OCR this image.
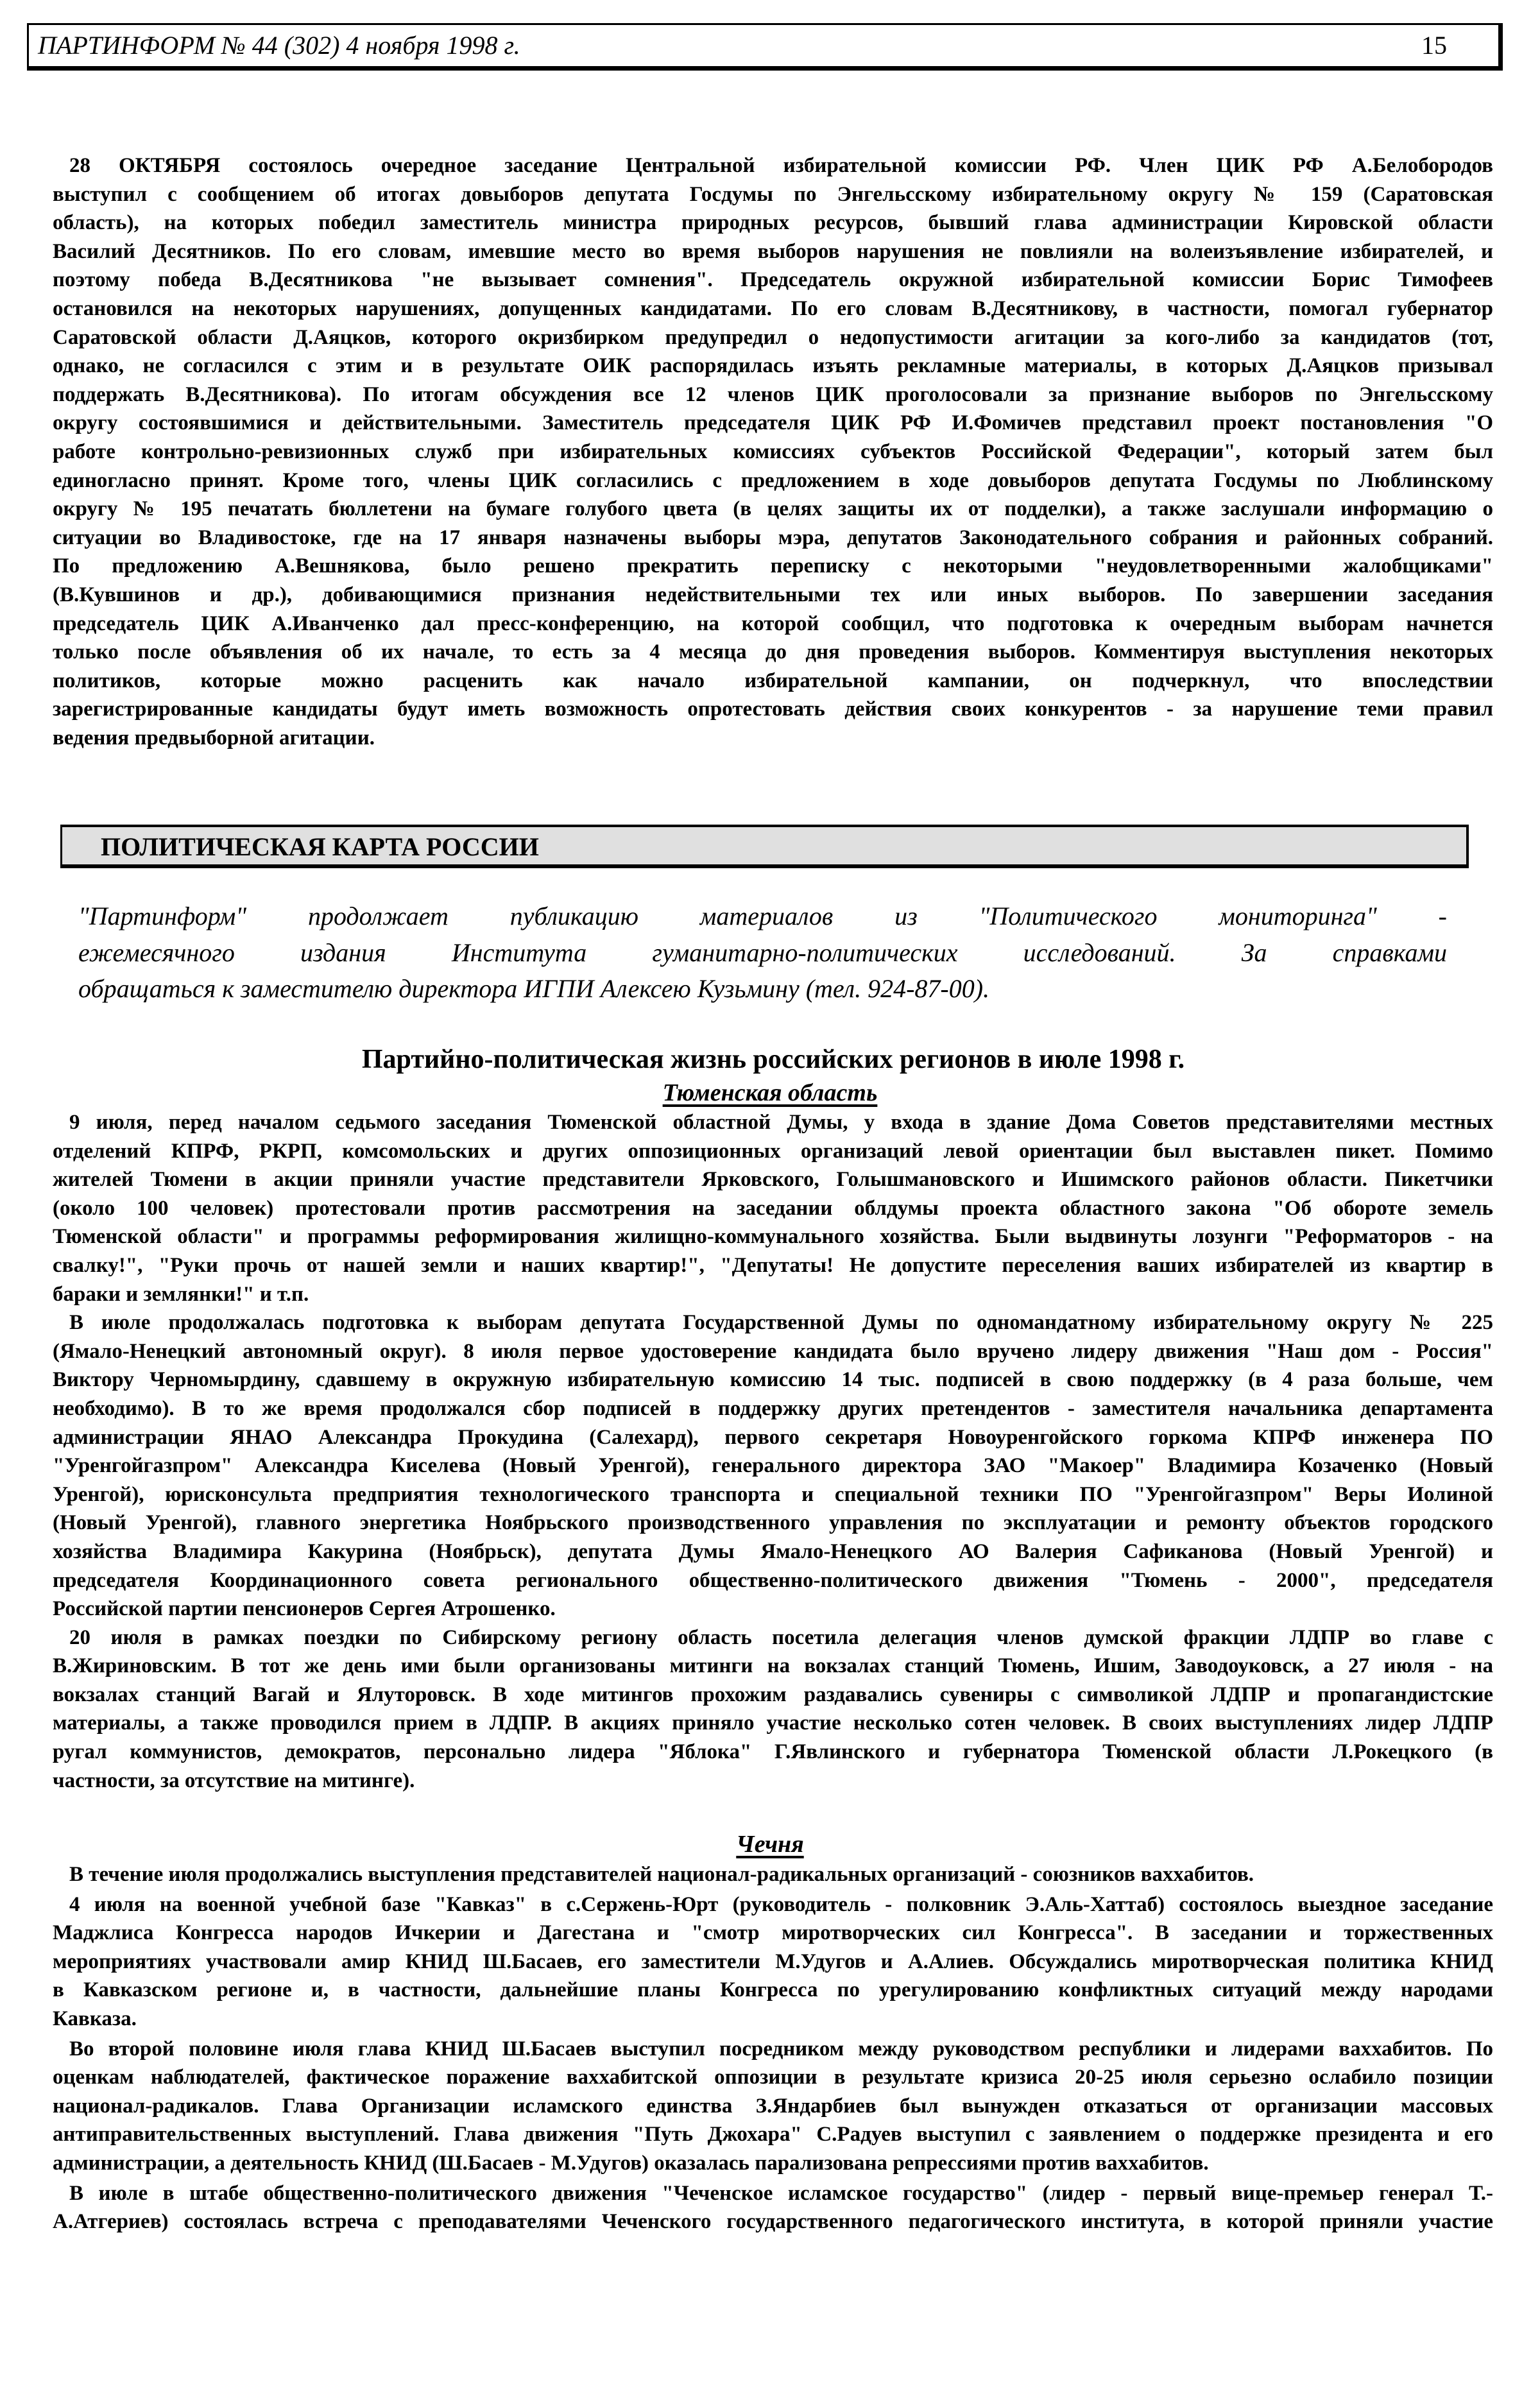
ПАРТИНФОРМ № 44 (302) 4 ноября 1998 г.	15
28 ОКТЯБРЯ состоялось очередное заседание Центральной избирательной комиссии РФ. Член ЦИК РФ А.Белобородов
выступил с сообщением об итогах довыборов депутата Госдумы по Энгельсскому избирательному округу № 159 (Саратовская
область), на которых победил заместитель министра природных ресурсов, бывший глава администрации Кировской области
Василий Десятников. По его словам, имевшие место во время выборов нарушения не повлияли на волеизъявление избирателей, и
поэтому победа В.Десятникова "не вызывает сомнения". Председатель окружной избирательной комиссии Борис Тимофеев
остановился на некоторых нарушениях, допущенных кандидатами. По его словам В.Десятникову, в частности, помогал губернатор
Саратовской области Д.Аяцков, которого окризбирком предупредил о недопустимости агитации за кого-либо за кандидатов (тот,
однако, не согласился с этим и в результате ОИК распорядилась изъять рекламные материалы, в которых Д.Аяцков призывал
поддержать В.Десятникова). По итогам обсуждения все 12 членов ЦИК проголосовали за признание выборов по Энгельсскому
округу состоявшимися и действительными. Заместитель председателя ЦИК РФ И.Фомичев представил проект постановления "О
работе контрольно-ревизионных служб при избирательных комиссиях субъектов Российской Федерации", который затем был
единогласно принят. Кроме того, члены ЦИК согласились с предложением в ходе довыборов депутата Госдумы по Люблинскому
округу № 195 печатать бюллетени на бумаге голубого цвета (в целях защиты их от подделки), а также заслушали информацию о
ситуации во Владивостоке, где на 17 января назначены выборы мэра, депутатов Законодательного собрания и районных собраний.
По предложению А.Вешнякова, было решено прекратить переписку с некоторыми "неудовлетворенными жалобщиками"
(В.Кувшинов и др.), добивающимися признания недействительными тех или иных выборов. По завершении заседания
председатель ЦИК А.Иванченко дал пресс-конференцию, на которой сообщил, что подготовка к очередным выборам начнется
только после объявления об их начале, то есть за 4 месяца до дня проведения выборов. Комментируя выступления некоторых
политиков, которые можно расценить как начало избирательной кампании, он подчеркнул, что впоследствии
зарегистрированные кандидаты будут иметь возможность опротестовать действия своих конкурентов - за нарушение теми правил
ведения предвыборной агитации.
ПОЛИТИЧЕСКАЯ КАРТА РОССИИ
"Партинформ" продолжает публикацию материалов из "Политического мониторинга" -
ежемесячного издания Института гуманитарно-политических исследований. За справками
обращаться к заместителю директора ИГПИ Алексею Кузьмину (тел. 924-87-00).
Партийно-политическая жизнь российских регионов в июле 1998 г.
Тюменская область
9 июля, перед началом седьмого заседания Тюменской областной Думы, у входа в здание Дома Советов представителями местных
отделений КПРФ, РКРП, комсомольских и других оппозиционных организаций левой ориентации был выставлен пикет. Помимо
жителей Тюмени в акции приняли участие представители Ярковского, Голышмановского и Ишимского районов области. Пикетчики
(около 100 человек) протестовали против рассмотрения на заседании облдумы проекта областного закона "Об обороте земель
Тюменской области" и программы реформирования жилищно-коммунального хозяйства. Были выдвинуты лозунги "Реформаторов - на
свалку!", "Руки прочь от нашей земли и наших квартир!", "Депутаты! Не допустите переселения ваших избирателей из квартир в
бараки и землянки!" и т.п.
В июле продолжалась подготовка к выборам депутата Государственной Думы по одномандатному избирательному округу № 225
(Ямало-Ненецкий автономный округ). 8 июля первое удостоверение кандидата было вручено лидеру движения "Наш дом - Россия"
Виктору Черномырдину, сдавшему в окружную избирательную комиссию 14 тыс. подписей в свою поддержку (в 4 раза больше, чем
необходимо). В то же время продолжался сбор подписей в поддержку других претендентов - заместителя начальника департамента
администрации ЯНАО Александра Прокудина (Салехард), первого секретаря Новоуренгойского горкома КПРФ инженера ПО
"Уренгойгазпром" Александра Киселева (Новый Уренгой), генерального директора ЗАО "Макоер" Владимира Козаченко (Новый
Уренгой), юрисконсульта предприятия технологического транспорта и специальной техники ПО "Уренгойгазпром" Веры Иолиной
(Новый Уренгой), главного энергетика Ноябрьского производственного управления по эксплуатации и ремонту объектов городского
хозяйства Владимира Какурина (Ноябрьск), депутата Думы Ямало-Ненецкого АО Валерия Сафиканова (Новый Уренгой) и
председателя Координационного совета регионального общественно-политического движения "Тюмень - 2000", председателя
Российской партии пенсионеров Сергея Атрошенко.
20 июля в рамках поездки по Сибирскому региону область посетила делегация членов думской фракции ЛДПР во главе с
В.Жириновским. В тот же день ими были организованы митинги на вокзалах станций Тюмень, Ишим, Заводоуковск, а 27 июля - на
вокзалах станций Вагай и Ялуторовск. В ходе митингов прохожим раздавались сувениры с символикой ЛДПР и пропагандистские
материалы, а также проводился прием в ЛДПР. В акциях приняло участие несколько сотен человек. В своих выступлениях лидер ЛДПР
ругал коммунистов, демократов, персонально лидера "Яблока" Г.Явлинского и губернатора Тюменской области Л.Рокецкого (в
частности, за отсутствие на митинге).
Чечня
В течение июля продолжались выступления представителей национал-радикальных организаций - союзников ваххабитов.
4 июля на военной учебной базе "Кавказ" в с.Сержень-Юрт (руководитель - полковник Э.Аль-Хаттаб) состоялось выездное заседание
Маджлиса Конгресса народов Ичкерии и Дагестана и "смотр миротворческих сил Конгресса". В заседании и торжественных
мероприятиях участвовали амир КНИД Ш.Басаев, его заместители М.Удугов и А.Алиев. Обсуждались миротворческая политика КНИД
в Кавказском регионе и, в частности, дальнейшие планы Конгресса по урегулированию конфликтных ситуаций между народами
Кавказа.
Во второй половине июля глава КНИД Ш.Басаев выступил посредником между руководством республики и лидерами ваххабитов. По
оценкам наблюдателей, фактическое поражение ваххабитской оппозиции в результате кризиса 20-25 июля серьезно ослабило позиции
национал-радикалов. Глава Организации исламского единства З.Яндарбиев был вынужден отказаться от организации массовых
антиправительственных выступлений. Глава движения "Путь Джохара" С.Радуев выступил с заявлением о поддержке президента и его
администрации, а деятельность КНИД (Ш.Басаев - М.Удугов) оказалась парализована репрессиями против ваххабитов.
В июле в штабе общественно-политического движения "Чеченское исламское государство" (лидер - первый вице-премьер генерал Т.-
А.Атгериев) состоялась встреча с преподавателями Чеченского государственного педагогического института, в которой приняли участие
